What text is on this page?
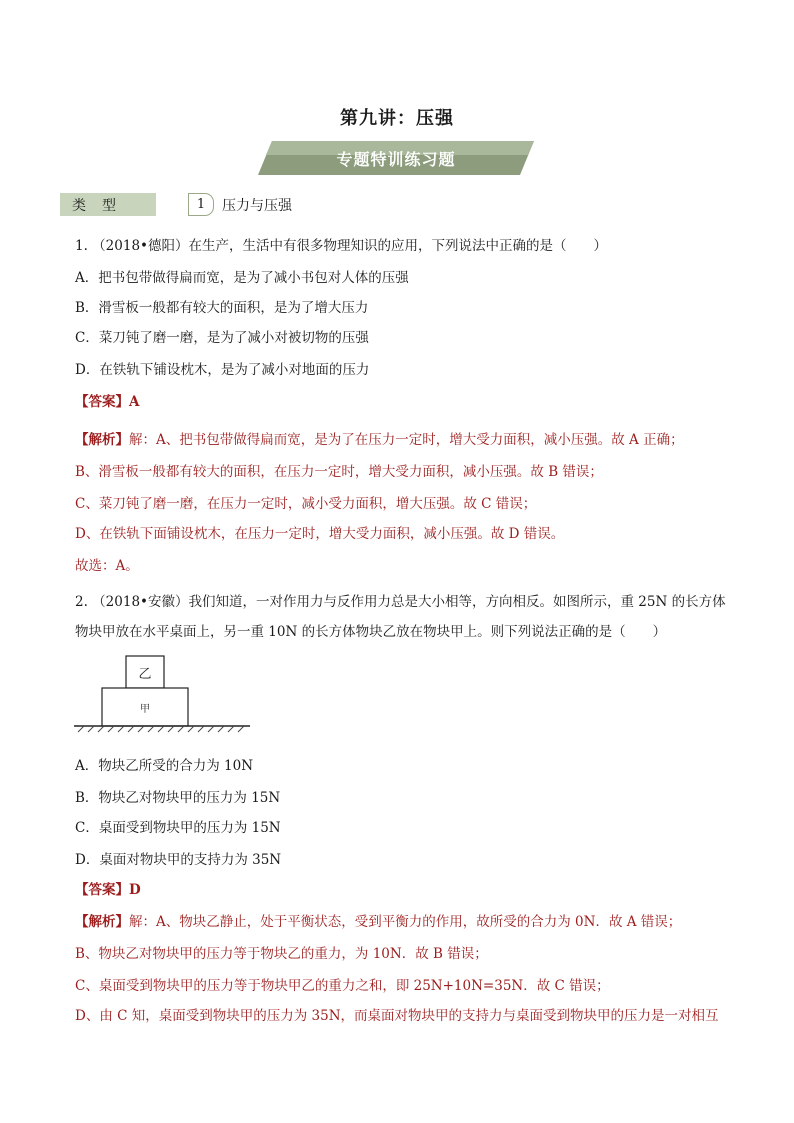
第九讲：压强
专题特训练习题
类型	1	压力与压强
1. （2018•德阳）在生产，生活中有很多物理知识的应用，下列说法中正确的是（　　）
A．把书包带做得扁而宽，是为了减小书包对人体的压强
B．滑雪板一般都有较大的面积，是为了增大压力
C．菜刀钝了磨一磨，是为了减小对被切物的压强
D．在铁轨下铺设枕木，是为了减小对地面的压力
【答案】A
【解析】解：A、把书包带做得扁而宽，是为了在压力一定时，增大受力面积，减小压强。故 A 正确；
B、滑雪板一般都有较大的面积，在压力一定时，增大受力面积，减小压强。故 B 错误；
C、菜刀钝了磨一磨，在压力一定时，减小受力面积，增大压强。故 C 错误；
D、在铁轨下面铺设枕木，在压力一定时，增大受力面积，减小压强。故 D 错误。
故选：A。
2. （2018•安徽）我们知道，一对作用力与反作用力总是大小相等，方向相反。如图所示，重 25N 的长方体
物块甲放在水平桌面上，另一重 10N 的长方体物块乙放在物块甲上。则下列说法正确的是（　　）
乙
甲
A．物块乙所受的合力为 10N
B．物块乙对物块甲的压力为 15N
C．桌面受到物块甲的压力为 15N
D．桌面对物块甲的支持力为 35N
【答案】D
【解析】解：A、物块乙静止，处于平衡状态，受到平衡力的作用，故所受的合力为 0N．故 A 错误；
B、物块乙对物块甲的压力等于物块乙的重力，为 10N．故 B 错误；
C、桌面受到物块甲的压力等于物块甲乙的重力之和，即 25N+10N=35N．故 C 错误；
D、由 C 知，桌面受到物块甲的压力为 35N，而桌面对物块甲的支持力与桌面受到物块甲的压力是一对相互
